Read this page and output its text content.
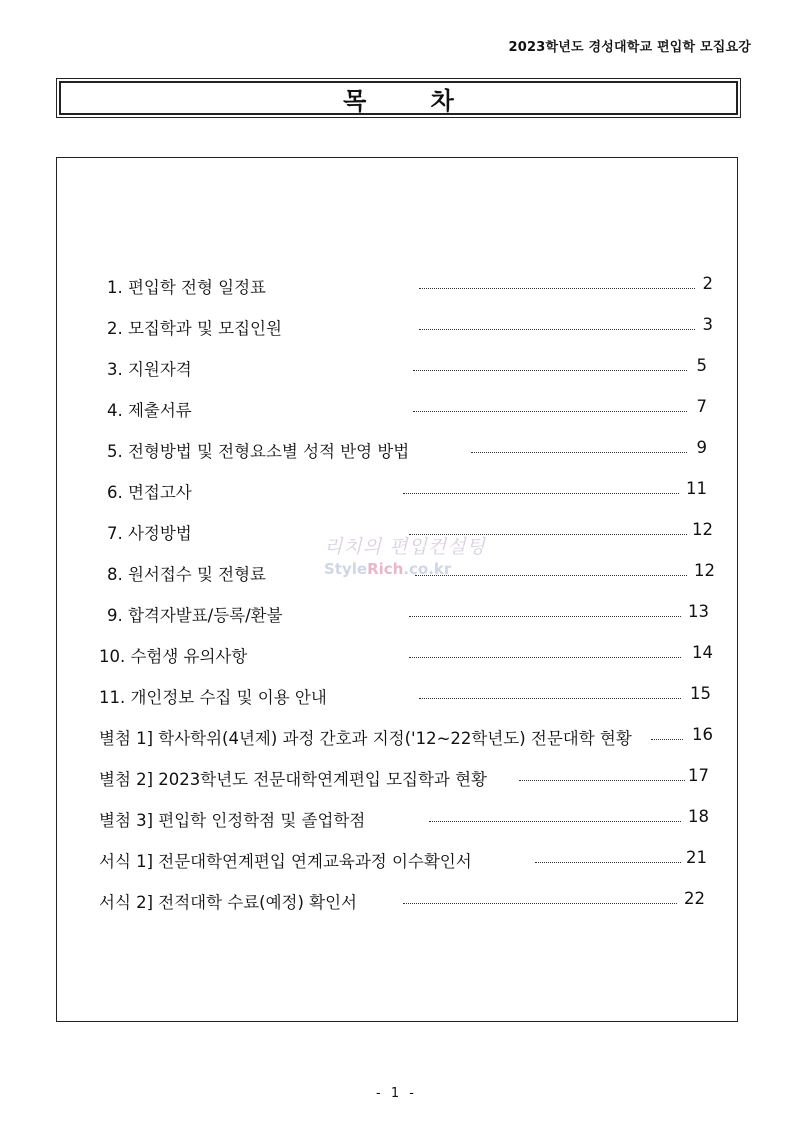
2023학년도 경성대학교 편입학 모집요강
목 차
1. 편입학 전형 일정표	2
2. 모집학과 및 모집인원	3
3. 지원자격	5
4. 제출서류	7
5. 전형방법 및 전형요소별 성적 반영 방법	9
6. 면접고사	11
7. 사정방법	12
8. 원서접수 및 전형료	12
9. 합격자발표/등록/환불	13
10. 수험생 유의사항	14
11. 개인정보 수집 및 이용 안내	15
별첨 1] 학사학위(4년제) 과정 간호과 지정('12~22학년도) 전문대학 현황	16
별첨 2] 2023학년도 전문대학연계편입 모집학과 현황	17
별첨 3] 편입학 인정학점 및 졸업학점	18
서식 1] 전문대학연계편입 연계교육과정 이수확인서	21
서식 2] 전적대학 수료(예정) 확인서	22
리치의 편입컨설팅
StyleRich.co.kr
- 1 -
